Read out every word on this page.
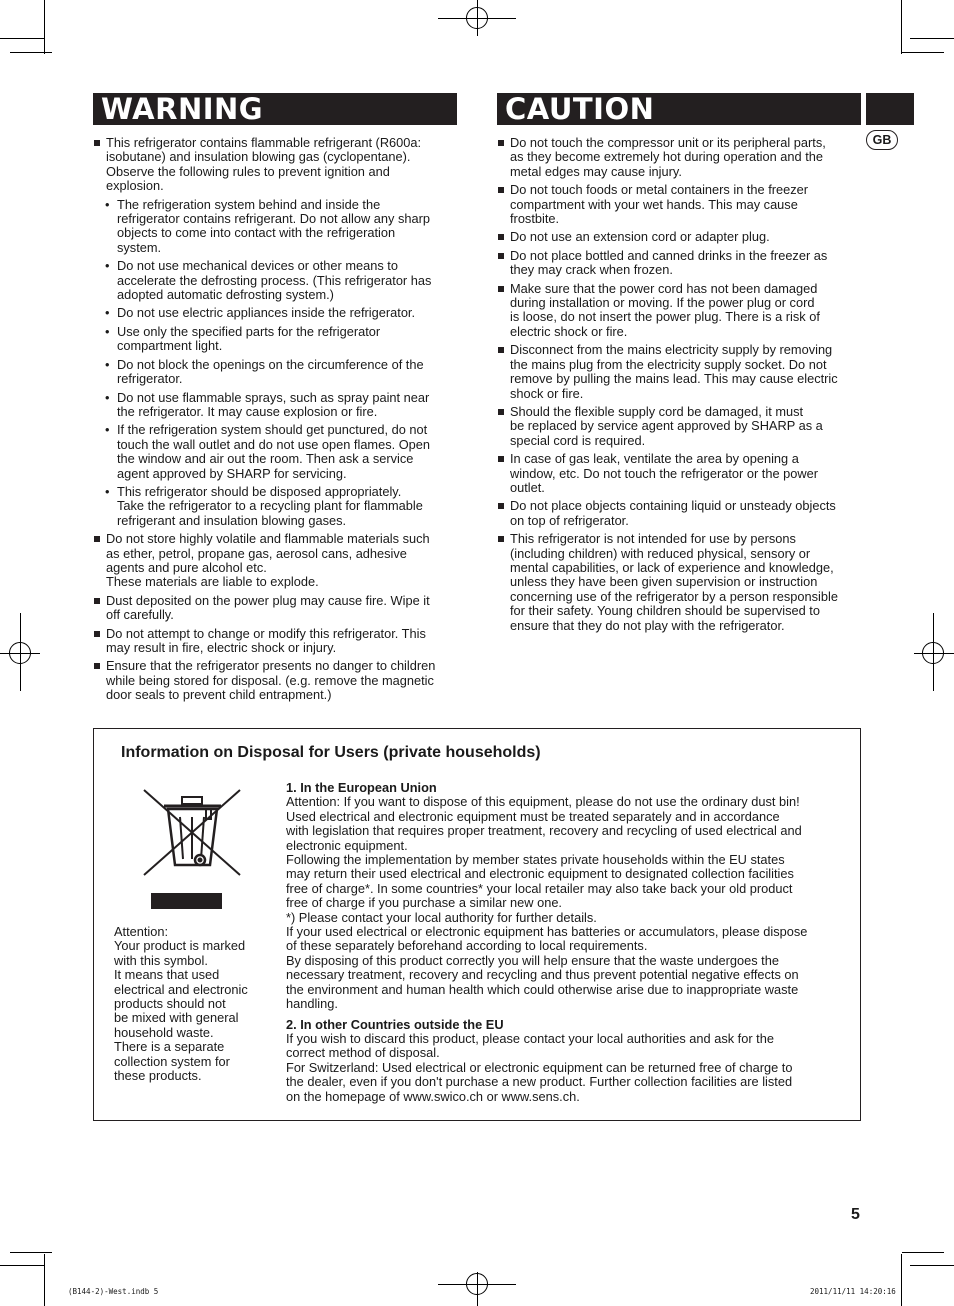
WARNING	CAUTION
GB
This refrigerator contains flammable refrigerant (R600a:
isobutane) and insulation blowing gas (cyclopentane).
Observe the following rules to prevent ignition and
explosion.
• The refrigeration system behind and inside the
refrigerator contains refrigerant. Do not allow any sharp
objects to come into contact with the refrigeration
system.
• Do not use mechanical devices or other means to
accelerate the defrosting process. (This refrigerator has
adopted automatic defrosting system.)
• Do not use electric appliances inside the refrigerator.
• Use only the specified parts for the refrigerator
compartment light.
• Do not block the openings on the circumference of the
refrigerator.
• Do not use flammable sprays, such as spray paint near
the refrigerator. It may cause explosion or fire.
• If the refrigeration system should get punctured, do not
touch the wall outlet and do not use open flames. Open
the window and air out the room. Then ask a service
agent approved by SHARP for servicing.
• This refrigerator should be disposed appropriately.
Take the refrigerator to a recycling plant for flammable
refrigerant and insulation blowing gases.
Do not store highly volatile and flammable materials such
as ether, petrol, propane gas, aerosol cans, adhesive
agents and pure alcohol etc.
These materials are liable to explode.
Dust deposited on the power plug may cause fire. Wipe it
off carefully.
Do not attempt to change or modify this refrigerator. This
may result in fire, electric shock or injury.
Ensure that the refrigerator presents no danger to children
while being stored for disposal. (e.g. remove the magnetic
door seals to prevent child entrapment.)
Do not touch the compressor unit or its peripheral parts,
as they become extremely hot during operation and the
metal edges may cause injury.
Do not touch foods or metal containers in the freezer
compartment with your wet hands. This may cause
frostbite.
Do not use an extension cord or adapter plug.
Do not place bottled and canned drinks in the freezer as
they may crack when frozen.
Make sure that the power cord has not been damaged
during installation or moving. If the power plug or cord
is loose, do not insert the power plug. There is a risk of
electric shock or fire.
Disconnect from the mains electricity supply by removing
the mains plug from the electricity supply socket. Do not
remove by pulling the mains lead. This may cause electric
shock or fire.
Should the flexible supply cord be damaged, it must
be replaced by service agent approved by SHARP as a
special cord is required.
In case of gas leak, ventilate the area by opening a
window, etc. Do not touch the refrigerator or the power
outlet.
Do not place objects containing liquid or unsteady objects
on top of refrigerator.
This refrigerator is not intended for use by persons
(including children) with reduced physical, sensory or
mental capabilities, or lack of experience and knowledge,
unless they have been given supervision or instruction
concerning use of the refrigerator by a person responsible
for their safety. Young children should be supervised to
ensure that they do not play with the refrigerator.
Information on Disposal for Users (private households)
Attention:
Your product is marked
with this symbol.
It means that used
electrical and electronic
products should not
be mixed with general
household waste.
There is a separate
collection system for
these products.
1. In the European Union

Attention: If you want to dispose of this equipment, please do not use the ordinary dust bin!
Used electrical and electronic equipment must be treated separately and in accordance
with legislation that requires proper treatment, recovery and recycling of used electrical and
electronic equipment.
Following the implementation by member states private households within the EU states
may return their used electrical and electronic equipment to designated collection facilities
free of charge*. In some countries* your local retailer may also take back your old product
free of charge if you purchase a similar new one.
*) Please contact your local authority for further details.
If your used electrical or electronic equipment has batteries or accumulators, please dispose
of these separately beforehand according to local requirements.
By disposing of this product correctly you will help ensure that the waste undergoes the
necessary treatment, recovery and recycling and thus prevent potential negative effects on
the environment and human health which could otherwise arise due to inappropriate waste
handling.

2. In other Countries outside the EU

If you wish to discard this product, please contact your local authorities and ask for the
correct method of disposal.
For Switzerland: Used electrical or electronic equipment can be returned free of charge to
the dealer, even if you don't purchase a new product. Further collection facilities are listed
on the homepage of www.swico.ch or www.sens.ch.

5
(B144-2)-West.indb 5	2011/11/11 14:20:16
